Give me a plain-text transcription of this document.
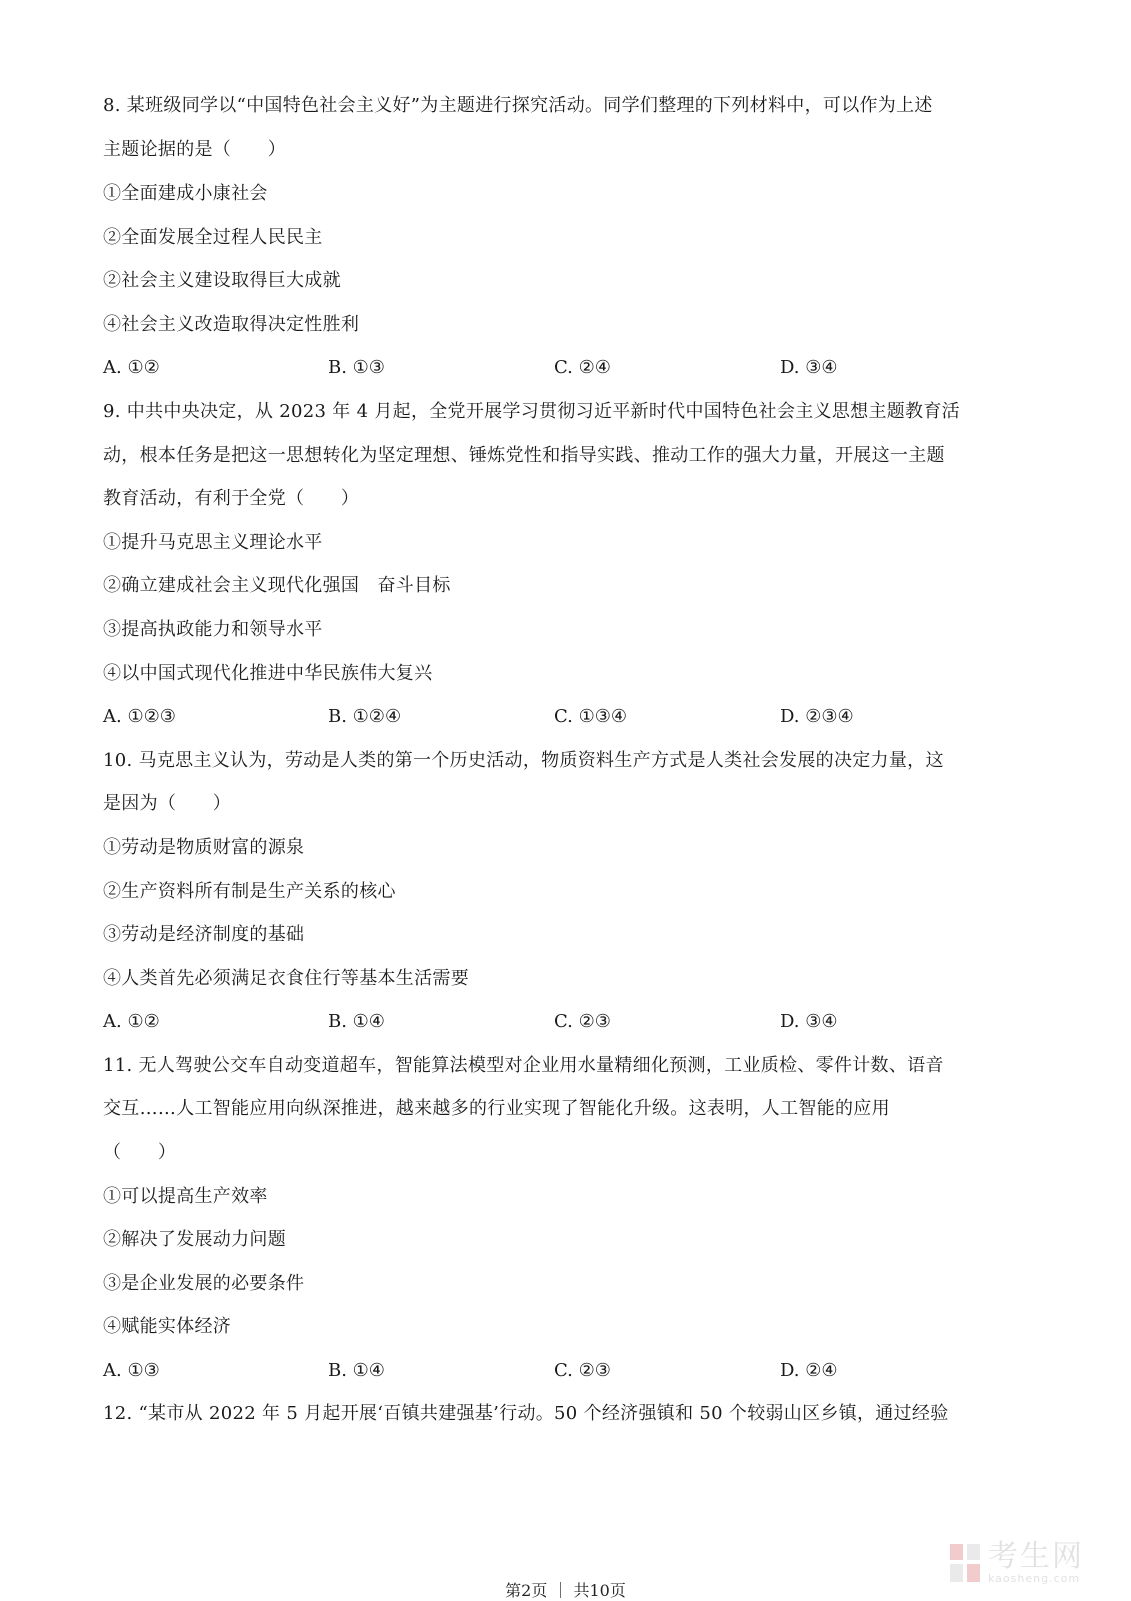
8. 某班级同学以“中国特色社会主义好”为主题进行探究活动。同学们整理的下列材料中，可以作为上述
主题论据的是（　　）
①全面建成小康社会
②全面发展全过程人民民主
②社会主义建设取得巨大成就
④社会主义改造取得决定性胜利
A. ①②	B. ①③	C. ②④	D. ③④
9. 中共中央决定，从 2023 年 4 月起，全党开展学习贯彻习近平新时代中国特色社会主义思想主题教育活
动，根本任务是把这一思想转化为坚定理想、锤炼党性和指导实践、推动工作的强大力量，开展这一主题
教育活动，有利于全党（　　）
①提升马克思主义理论水平
②确立建成社会主义现代化强国　奋斗目标
③提高执政能力和领导水平
④以中国式现代化推进中华民族伟大复兴
A. ①②③	B. ①②④	C. ①③④	D. ②③④
10. 马克思主义认为，劳动是人类的第一个历史活动，物质资料生产方式是人类社会发展的决定力量，这
是因为（　　）
①劳动是物质财富的源泉
②生产资料所有制是生产关系的核心
③劳动是经济制度的基础
④人类首先必须满足衣食住行等基本生活需要
A. ①②	B. ①④	C. ②③	D. ③④
11. 无人驾驶公交车自动变道超车，智能算法模型对企业用水量精细化预测，工业质检、零件计数、语音
交互……人工智能应用向纵深推进，越来越多的行业实现了智能化升级。这表明，人工智能的应用
（　　）
①可以提高生产效率
②解决了发展动力问题
③是企业发展的必要条件
④赋能实体经济
A. ①③	B. ①④	C. ②③	D. ②④
12. “某市从 2022 年 5 月起开展‘百镇共建强基’行动。50 个经济强镇和 50 个较弱山区乡镇，通过经验
考生网
kaosheng.com
第2页 ｜ 共10页
